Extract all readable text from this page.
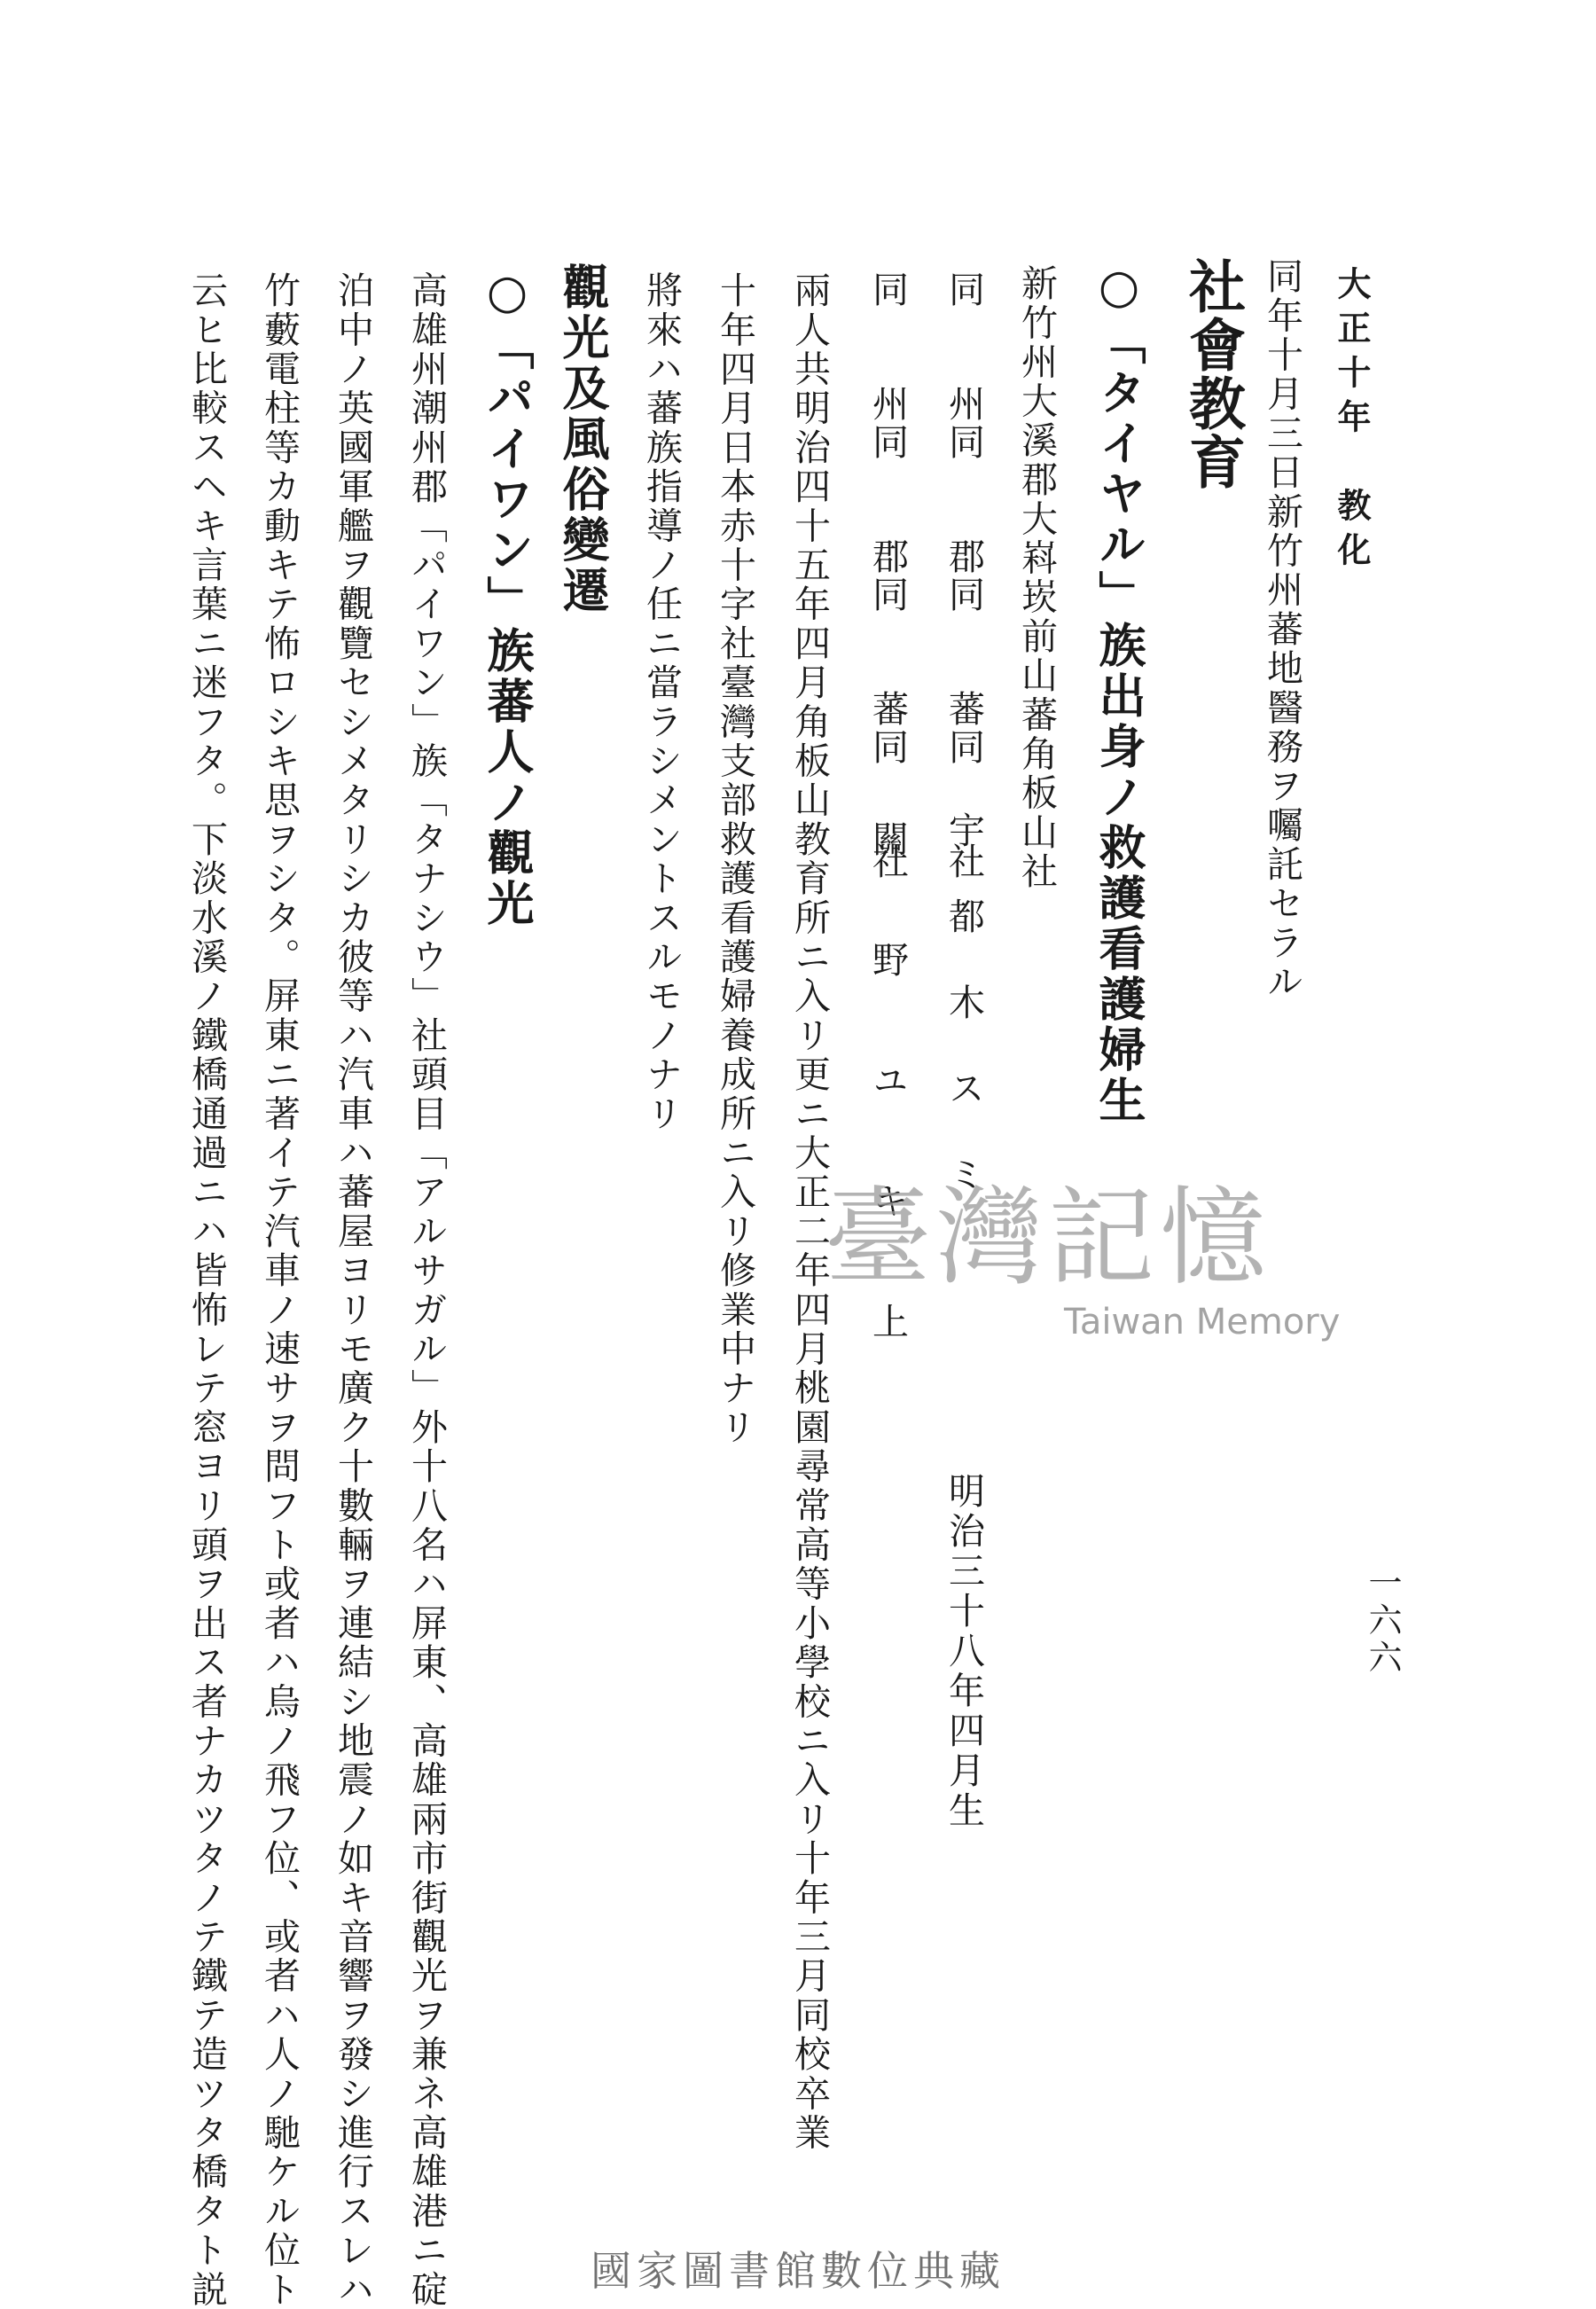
大正十年　教化
一六六
同年十月三日新竹州蕃地醫務ヲ囑託セラル
社會教育
○「タイヤル」族出身ノ救護看護婦生
新竹州大溪郡大嵙崁前山蕃角板山社
同　　州同　　郡同　　蕃同　　社
宇都木スミ
明治三十八年四月生
同　　州同　　郡同　　蕃同　　社
關野ユキ上
兩人共明治四十五年四月角板山教育所ニ入リ更ニ大正二年四月桃園尋常高等小學校ニ入リ十年三月同校卒業
十年四月日本赤十字社臺灣支部救護看護婦養成所ニ入リ修業中ナリ
將來ハ蕃族指導ノ任ニ當ラシメントスルモノナリ
觀光及風俗變遷
○「パイワン」族蕃人ノ觀光
高雄州潮州郡「パイワン」族「タナシウ」社頭目「アルサガル」外十八名ハ屏東、高雄兩市街觀光ヲ兼ネ高雄港ニ碇
泊中ノ英國軍艦ヲ觀覽セシメタリシカ彼等ハ汽車ハ蕃屋ヨリモ廣ク十數輛ヲ連結シ地震ノ如キ音響ヲ發シ進行スレハ
竹藪電柱等カ動キテ怖ロシキ思ヲシタ。屏東ニ著イテ汽車ノ速サヲ問フト或者ハ烏ノ飛フ位、或者ハ人ノ馳ケル位ト
云ヒ比較スヘキ言葉ニ迷フタ。下淡水溪ノ鐵橋通過ニハ皆怖レテ窓ヨリ頭ヲ出ス者ナカツタノテ鐵テ造ツタ橋タト説	臺灣記憶
Taiwan Memory
國家圖書館數位典藏
